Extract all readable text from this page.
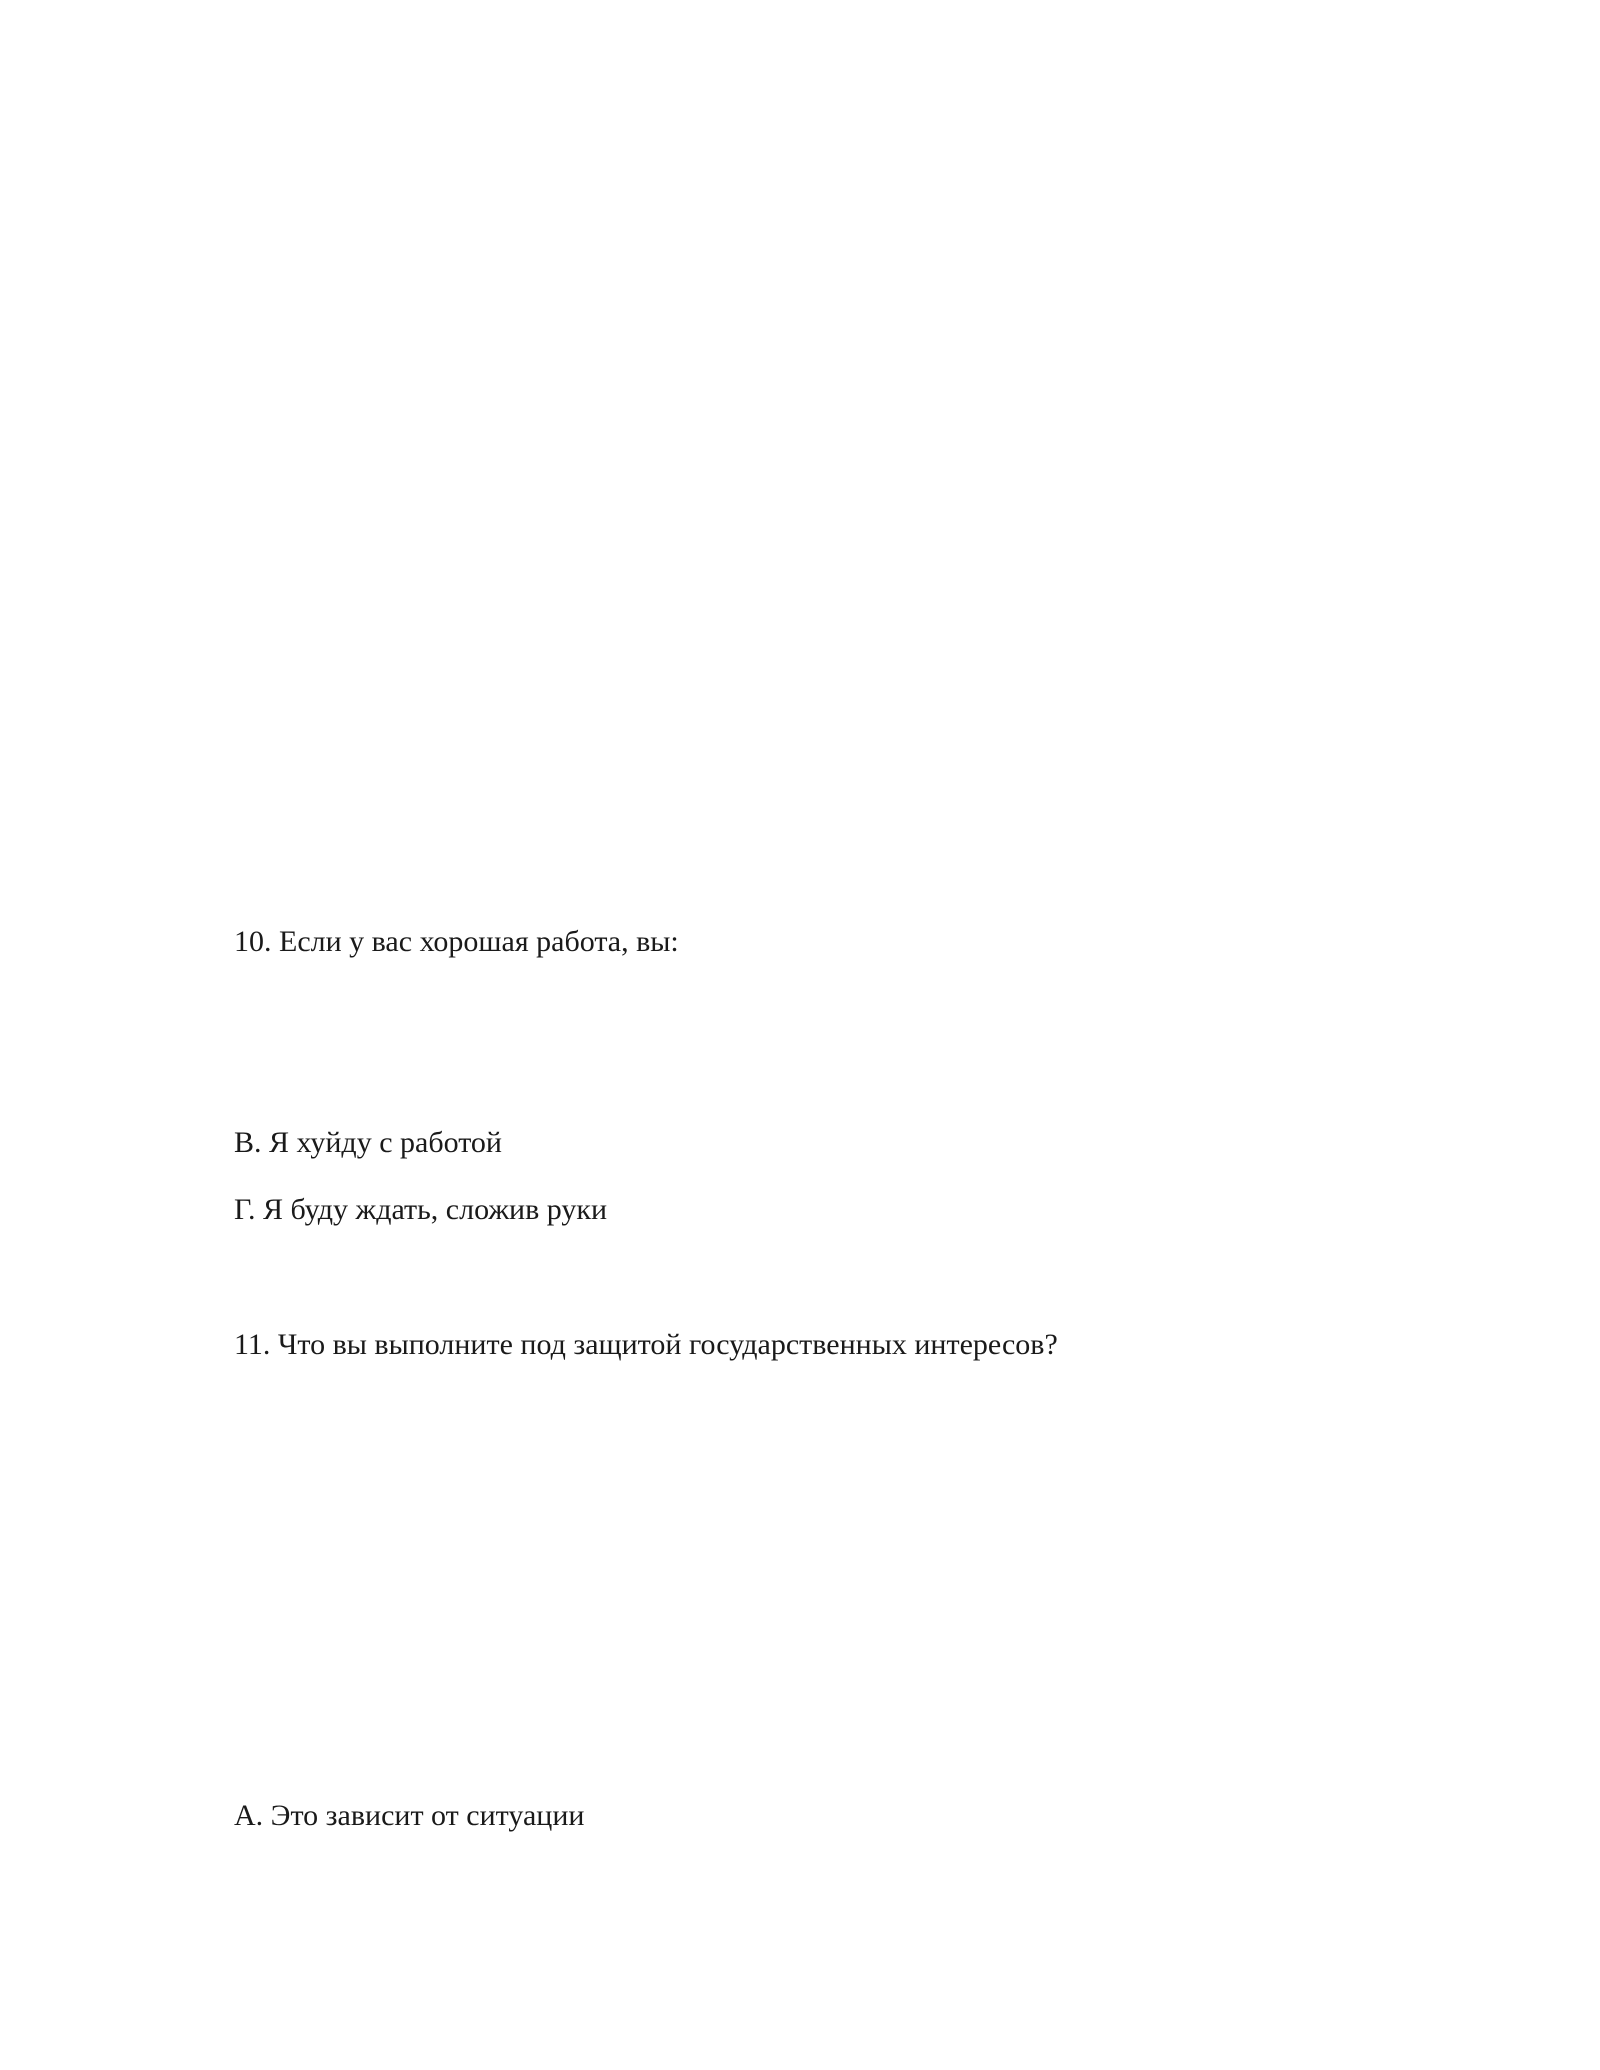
10. Если у вас хорошая работа, вы:
В. Я хуйду с работой
Г. Я буду ждать, сложив руки
11. Что вы выполните под защитой государственных интересов?
А. Это зависит от ситуации
